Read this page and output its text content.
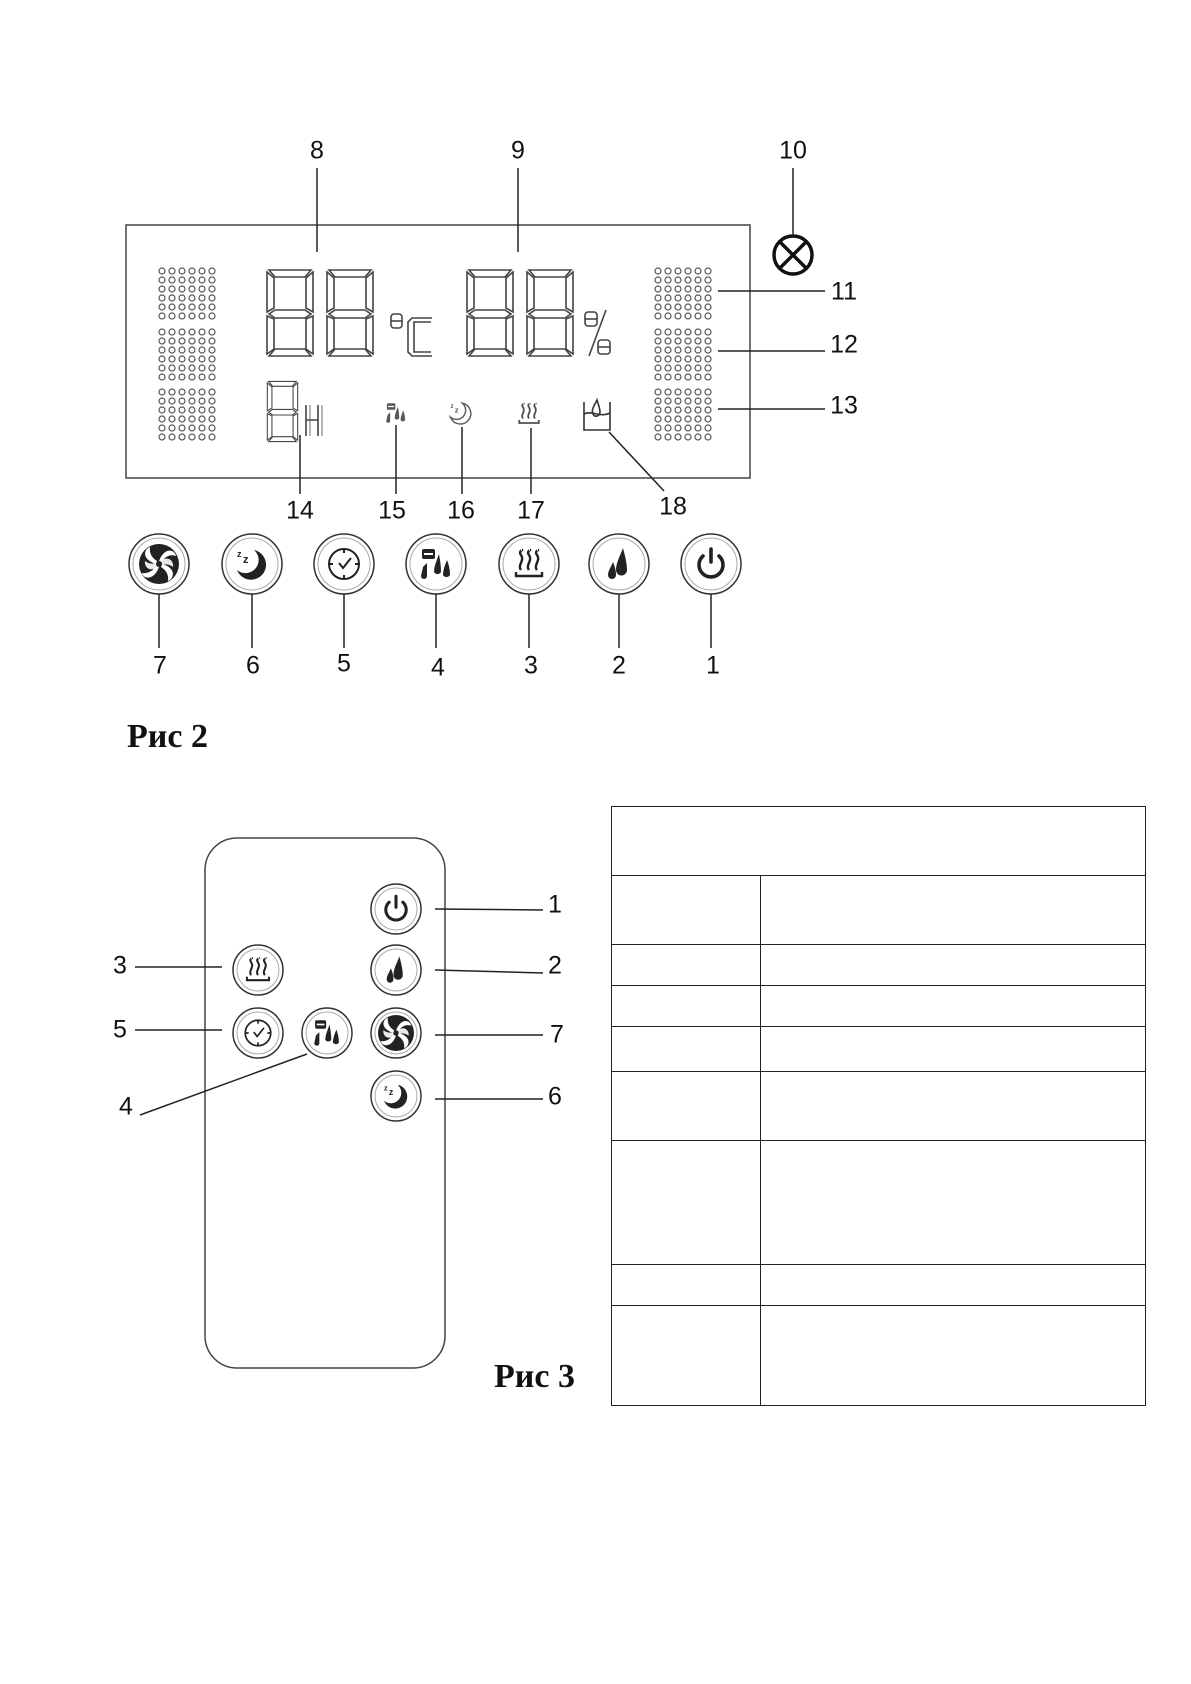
z z
8	9	10
11
12
13
14	15 16 17	18
7	6	5	4	3	2	1
Рис 2
1
2
3
5	7
4	6
Рис 3
